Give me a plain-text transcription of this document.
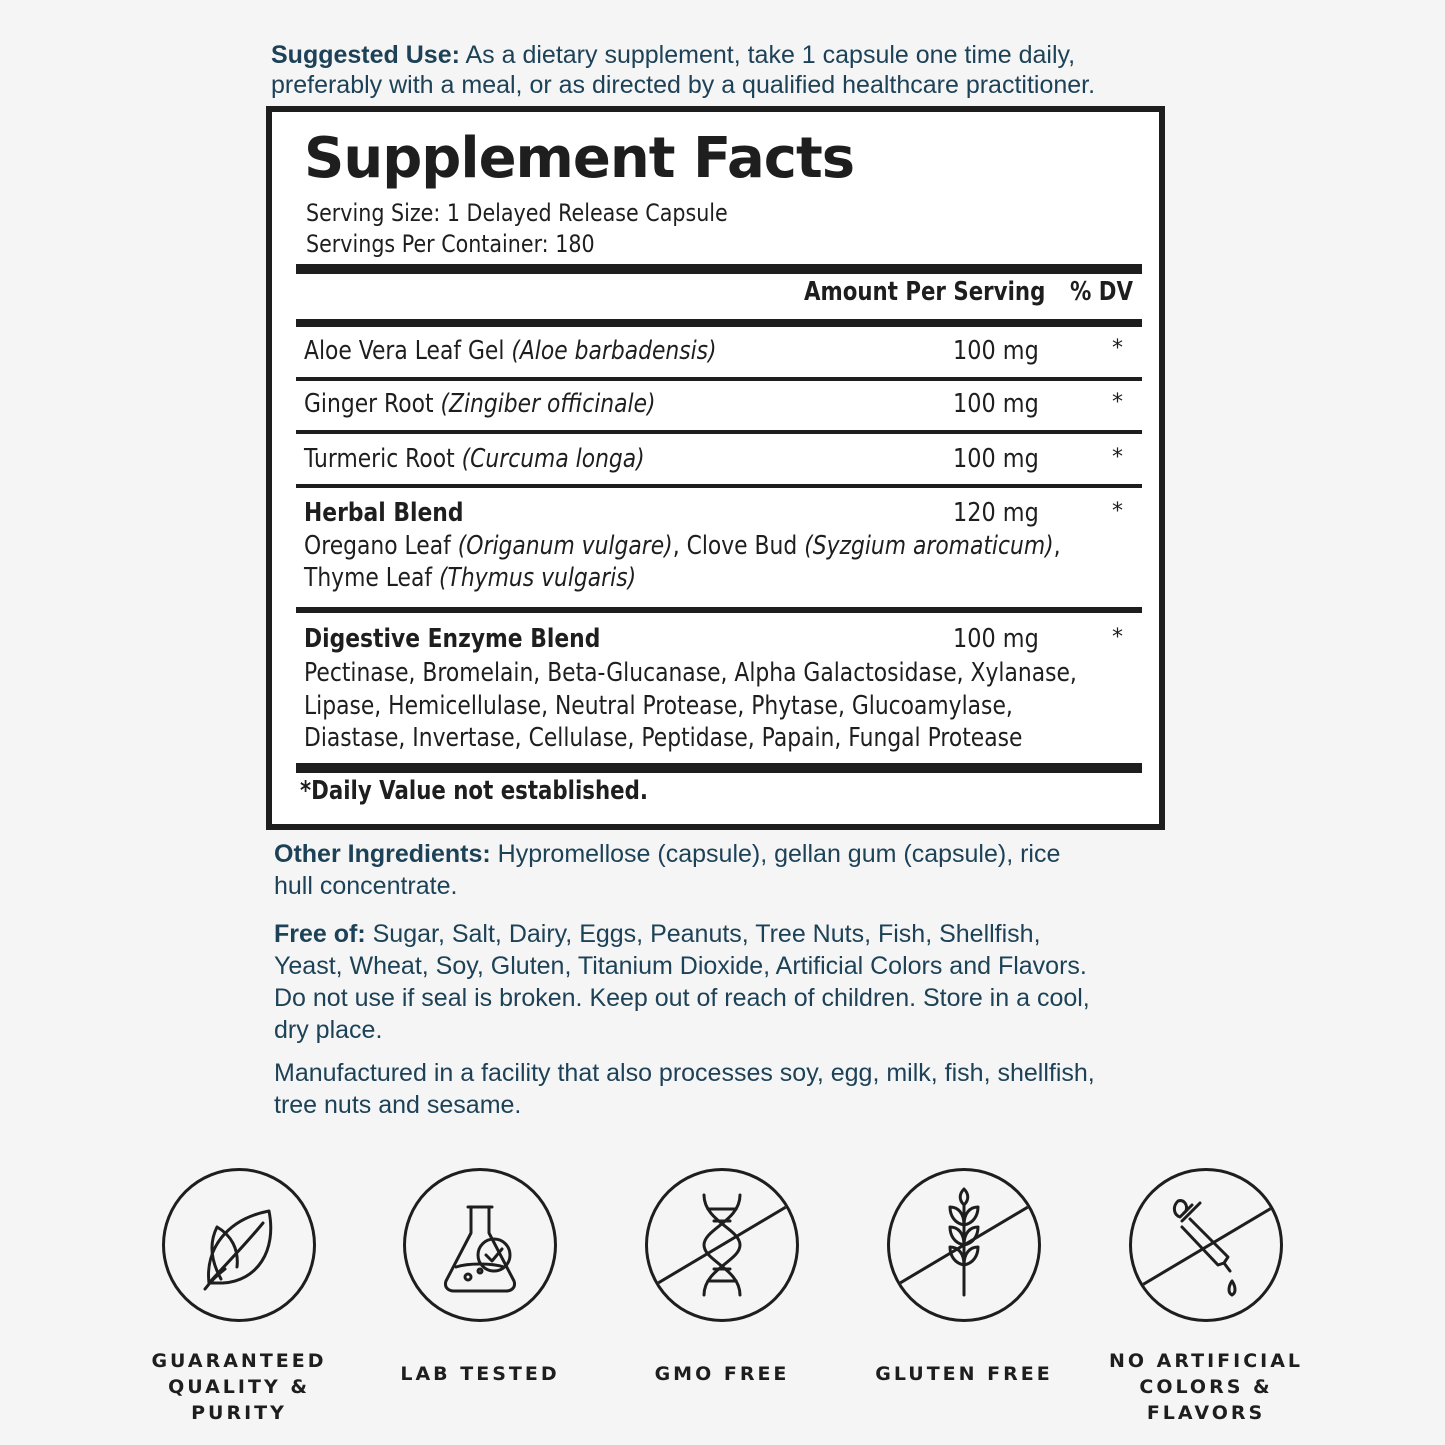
Suggested Use: As a dietary supplement, take 1 capsule one time daily,
preferably with a meal, or as directed by a qualified healthcare practitioner.
Supplement Facts
Serving Size: 1 Delayed Release Capsule
Servings Per Container: 180
Amount Per Serving % DV
Aloe Vera Leaf Gel (Aloe barbadensis)	100 mg	*
Ginger Root (Zingiber officinale)	100 mg	*
Turmeric Root (Curcuma longa)	100 mg	*
Herbal Blend	120 mg	*
Oregano Leaf (Origanum vulgare), Clove Bud (Syzgium aromaticum),
Thyme Leaf (Thymus vulgaris)
Digestive Enzyme Blend	100 mg	*
Pectinase, Bromelain, Beta-Glucanase, Alpha Galactosidase, Xylanase,
Lipase, Hemicellulase, Neutral Protease, Phytase, Glucoamylase,
Diastase, Invertase, Cellulase, Peptidase, Papain, Fungal Protease
*Daily Value not established.
Other Ingredients: Hypromellose (capsule), gellan gum (capsule), rice
hull concentrate.
Free of: Sugar, Salt, Dairy, Eggs, Peanuts, Tree Nuts, Fish, Shellfish,
Yeast, Wheat, Soy, Gluten, Titanium Dioxide, Artificial Colors and Flavors.
Do not use if seal is broken. Keep out of reach of children. Store in a cool,
dry place.
Manufactured in a facility that also processes soy, egg, milk, fish, shellfish,
tree nuts and sesame.
GUARANTEED
QUALITY & PURITY
LAB TESTED	GMO FREE	GLUTEN FREE
NO ARTIFICIAL
COLORS & FLAVORS
